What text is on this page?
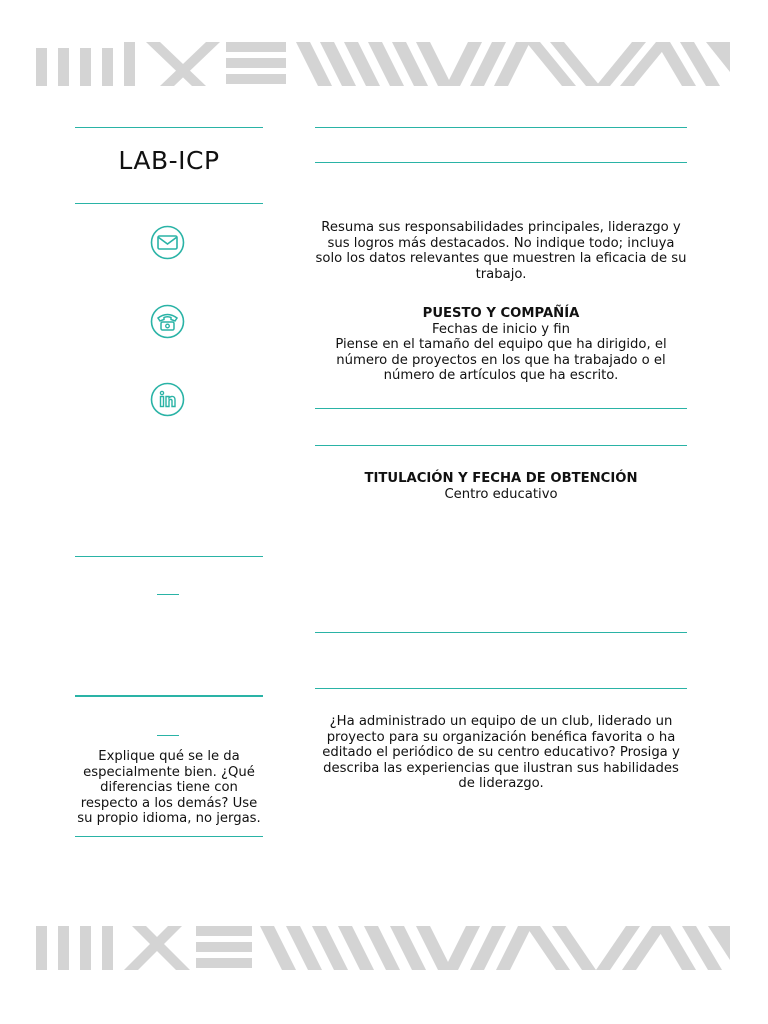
LAB-ICP
Explique qué se le da especialmente bien. ¿Qué diferencias tiene con respecto a los demás? Use su propio idioma, no jergas.
Resuma sus responsabilidades principales, liderazgo y sus logros más destacados. No indique todo; incluya solo los datos relevantes que muestren la eficacia de su trabajo.
PUESTO Y COMPAÑÍA
Fechas de inicio y fin
Piense en el tamaño del equipo que ha dirigido, el número de proyectos en los que ha trabajado o el número de artículos que ha escrito.
TITULACIÓN Y FECHA DE OBTENCIÓN
Centro educativo
¿Ha administrado un equipo de un club, liderado un proyecto para su organización benéfica favorita o ha editado el periódico de su centro educativo? Prosiga y describa las experiencias que ilustran sus habilidades de liderazgo.
